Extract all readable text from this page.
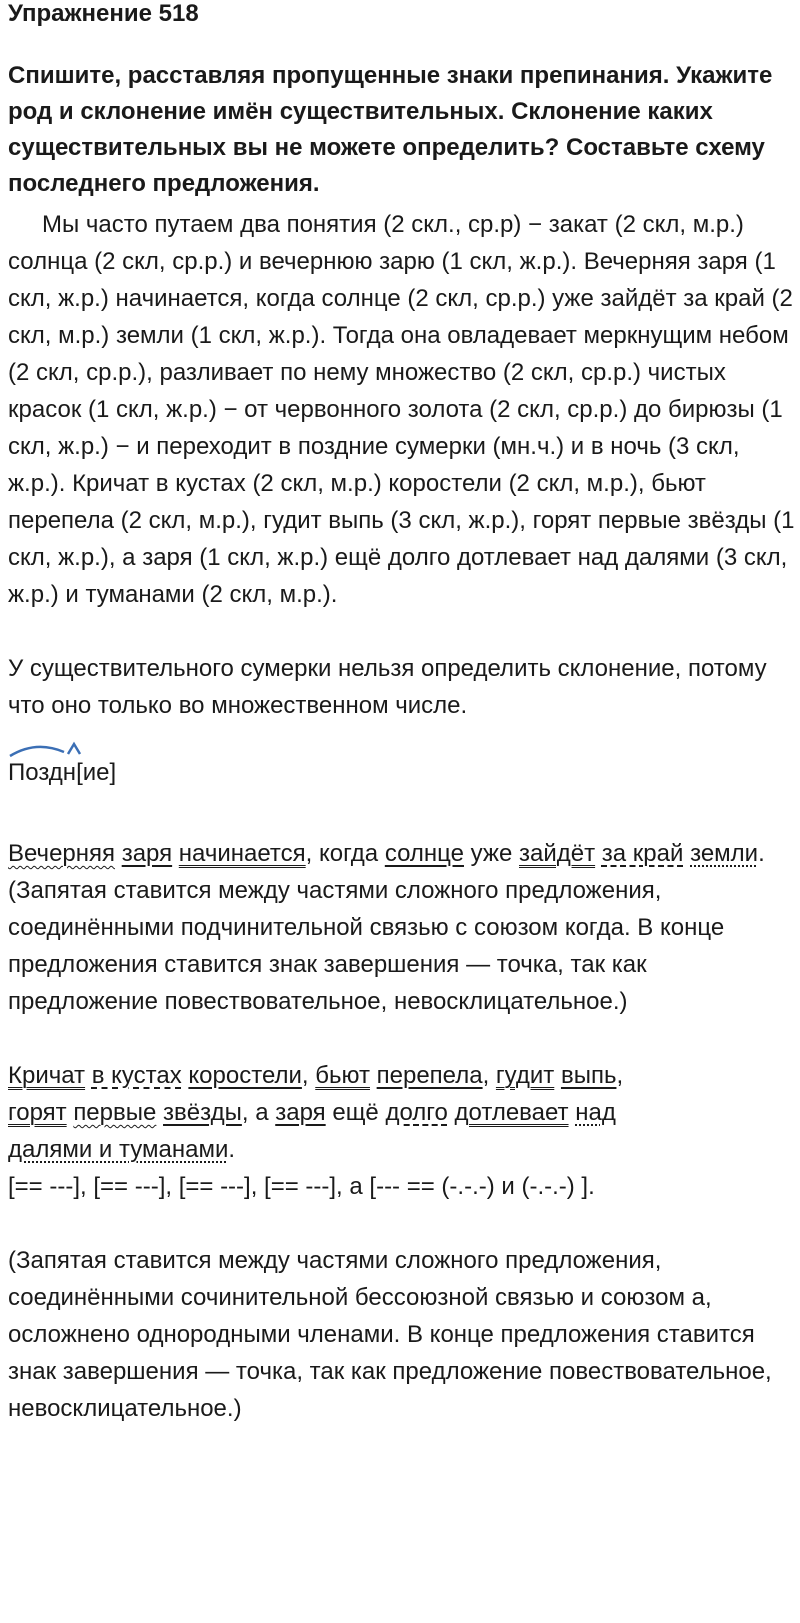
Упражнение 518

Спишите, расставляя пропущенные знаки препинания. Укажите род и склонение имён существительных. Склонение каких существительных вы не можете определить? Составьте схему последнего предложения.

Мы часто путаем два понятия (2 скл., ср.р) − закат (2 скл, м.р.) солнца (2 скл, ср.р.) и вечернюю зарю (1 скл, ж.р.). Вечерняя заря (1 скл, ж.р.) начинается, когда солнце (2 скл, ср.р.) уже зайдёт за край (2 скл, м.р.) земли (1 скл, ж.р.). Тогда она овладевает меркнущим небом (2 скл, ср.р.), разливает по нему множество (2 скл, ср.р.) чистых красок (1 скл, ж.р.) − от червонного золота (2 скл, ср.р.) до бирюзы (1 скл, ж.р.) − и переходит в поздние сумерки (мн.ч.) и в ночь (3 скл, ж.р.). Кричат в кустах (2 скл, м.р.) коростели (2 скл, м.р.), бьют перепела (2 скл, м.р.), гудит выпь (3 скл, ж.р.), горят первые звёзды (1 скл, ж.р.), а заря (1 скл, ж.р.) ещё долго дотлевает над далями (3 скл, ж.р.) и туманами (2 скл, м.р.).

У существительного сумерки нельзя определить склонение, потому что оно только во множественном числе.

Поздн[ие]

Вечерняя заря начинается, когда солнце уже зайдёт за край земли.

(Запятая ставится между частями сложного предложения, соединёнными подчинительной связью с союзом когда. В конце предложения ставится знак завершения — точка, так как предложение повествовательное, невосклицательное.)

Кричат в кустах коростели, бьют перепела, гудит выпь,
горят первые звёзды, а заря ещё долго дотлевает над
далями и туманами.

[== ---], [== ---], [== ---], [== ---], а [--- == (-.-.-) и (-.-.-) ].

(Запятая ставится между частями сложного предложения, соединёнными сочинительной бессоюзной связью и союзом а, осложнено однородными членами. В конце предложения ставится знак завершения — точка, так как предложение повествовательное, невосклицательное.)
